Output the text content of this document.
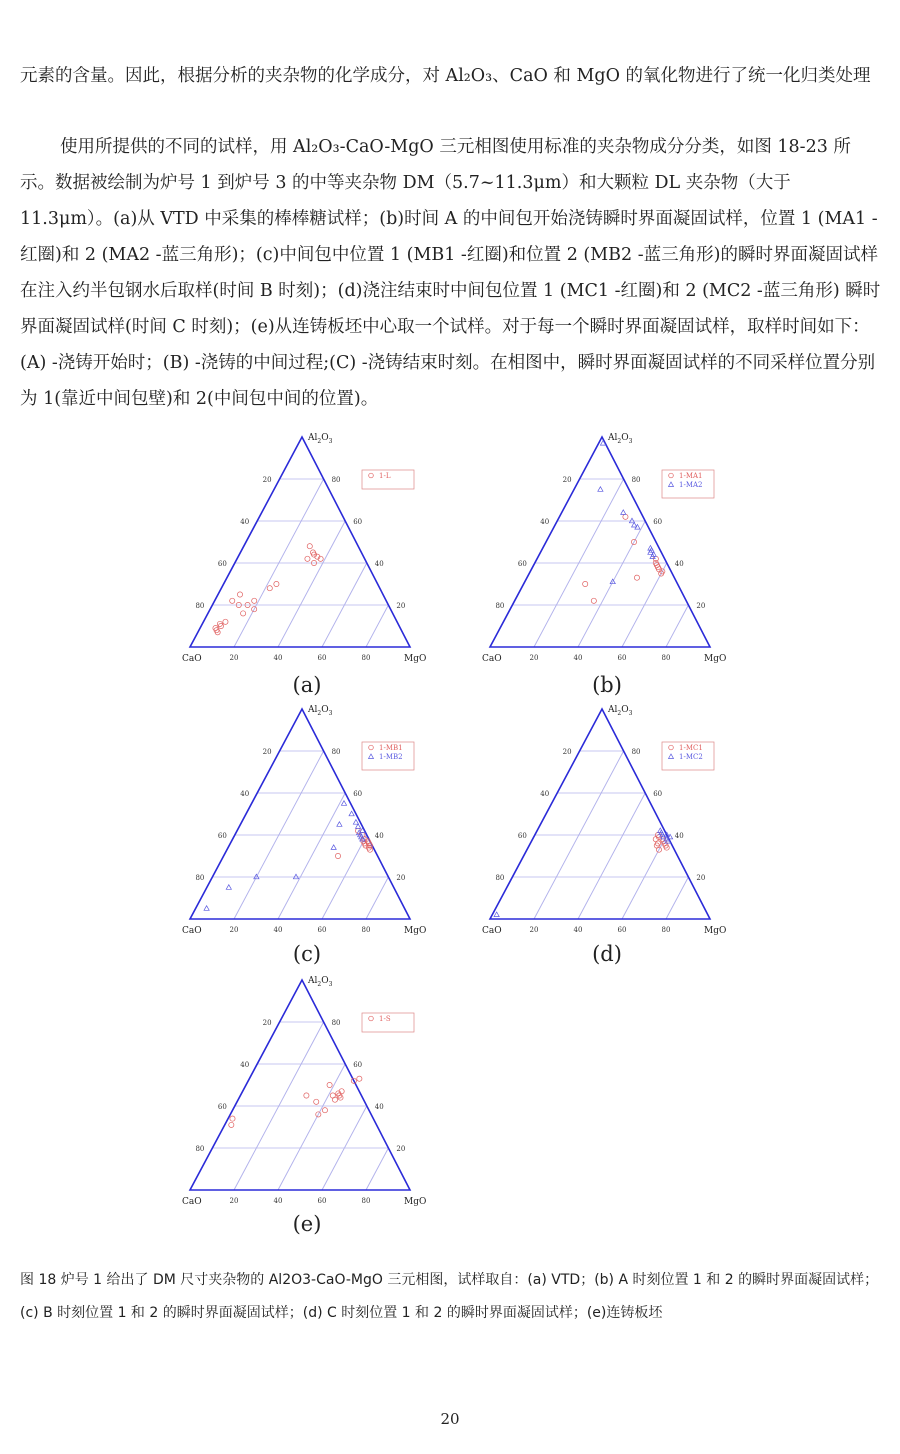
元素的含量。因此，根据分析的夹杂物的化学成分，对 Al₂O₃、CaO 和 MgO 的氧化物进行了统一化归类处理

使用所提供的不同的试样，用 Al₂O₃-CaO-MgO 三元相图使用标准的夹杂物成分分类，如图 18-23 所示。数据被绘制为炉号 1 到炉号 3 的中等夹杂物 DM（5.7~11.3μm）和大颗粒 DL 夹杂物（大于 11.3μm）。(a)从 VTD 中采集的棒棒糖试样；(b)时间 A 的中间包开始浇铸瞬时界面凝固试样，位置 1 (MA1 -红圈)和 2 (MA2 -蓝三角形)；(c)中间包中位置 1 (MB1 -红圈)和位置 2 (MB2 -蓝三角形)的瞬时界面凝固试样在注入约半包钢水后取样(时间 B 时刻)；(d)浇注结束时中间包位置 1 (MC1 -红圈)和 2 (MC2 -蓝三角形) 瞬时界面凝固试样(时间 C 时刻)；(e)从连铸板坯中心取一个试样。对于每一个瞬时界面凝固试样，取样时间如下：(A) -浇铸开始时；(B) -浇铸的中间过程;(C) -浇铸结束时刻。在相图中，瞬时界面凝固试样的不同采样位置分别为 1(靠近中间包壁)和 2(中间包中间的位置)。

20
20
20
40
40
40
60
60
60
80
80
80
$Al_2O_3$
CaO	MgO
1-L
(a)
20
20
20
40
40
40
60
60
60
80
80
80
$Al_2O_3$
CaO	MgO
1-MA1
1-MA2
(b)
20
20
20
40
40
40
60
60
60
80
80
80
$Al_2O_3$
CaO	MgO
1-MB1
1-MB2
(c)
20
20
20
40
40
40
60
60
60
80
80
80
$Al_2O_3$
CaO	MgO
1-MC1
1-MC2
(d)
20
20
20
40
40
40
60
60
60
80
80
80
$Al_2O_3$
CaO	MgO
1-S
(e)

图 18 炉号 1 给出了 DM 尺寸夹杂物的 Al2O3-CaO-MgO 三元相图，试样取自：(a) VTD；(b) A 时刻位置 1 和 2 的瞬时界面凝固试样；(c) B 时刻位置 1 和 2 的瞬时界面凝固试样；(d) C 时刻位置 1 和 2 的瞬时界面凝固试样；(e)连铸板坯

20
